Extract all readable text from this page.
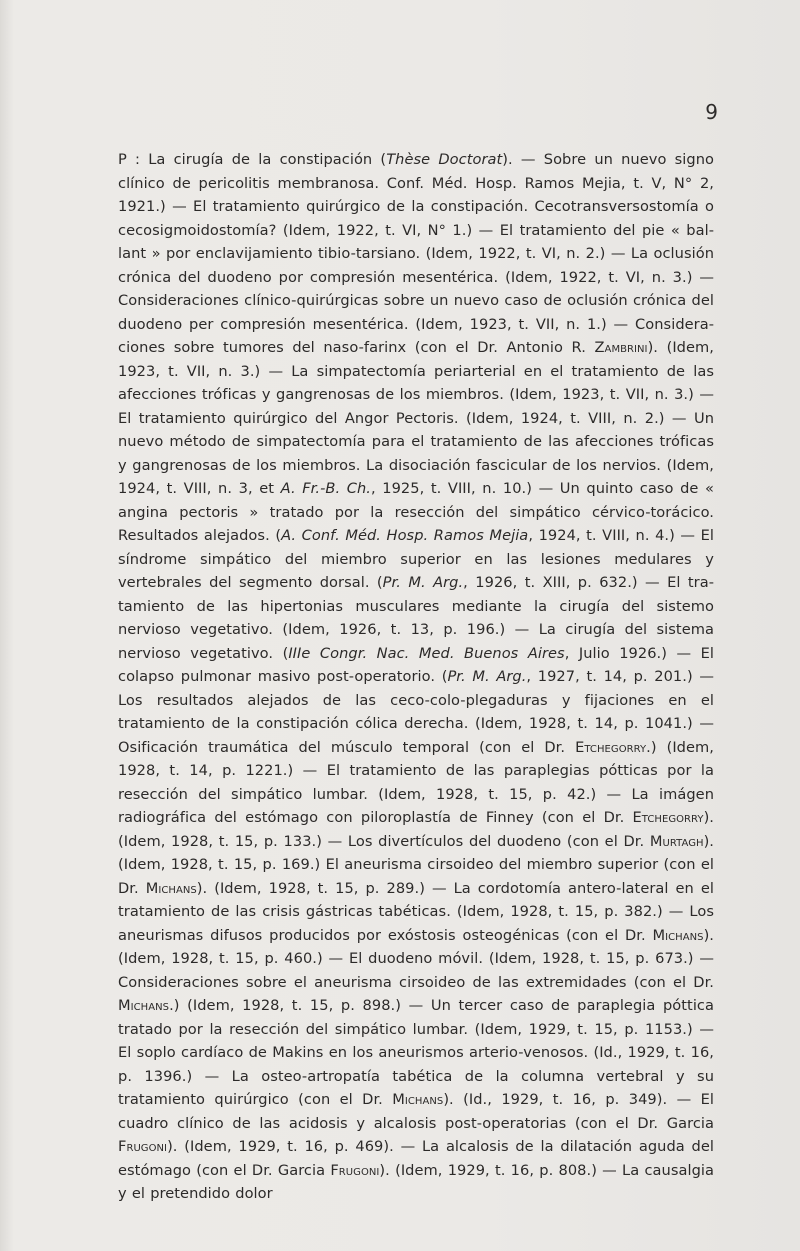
9

P : La cirugía de la constipación (Thèse Doctorat). — Sobre un nuevo signo clínico de pericolitis membranosa. Conf. Méd. Hosp. Ramos Mejia, t. V, N° 2, 1921.) — El tratamiento quirúrgico de la constipación. Cecotransversostomía o cecosigmoidostomía? (Idem, 1922, t. VI, N° 1.) — El tratamiento del pie « ballant » por enclavijamiento tibio-tarsiano. (Idem, 1922, t. VI, n. 2.) — La oclusión crónica del duodeno por compresión mesentérica. (Idem, 1922, t. VI, n. 3.) — Consideraciones clínico-quirúrgicas sobre un nuevo caso de oclusión crónica del duodeno per compresión mesentérica. (Idem, 1923, t. VII, n. 1.) — Consideraciones sobre tumores del naso-farinx (con el Dr. Antonio R. Zambrini). (Idem, 1923, t. VII, n. 3.) — La simpatectomía periarterial en el tratamiento de las afecciones tróficas y gangrenosas de los miembros. (Idem, 1923, t. VII, n. 3.) — El tratamiento quirúrgico del Angor Pectoris. (Idem, 1924, t. VIII, n. 2.) — Un nuevo método de simpatectomía para el tratamiento de las afecciones tróficas y gangrenosas de los miembros. La disociación fascicular de los nervios. (Idem, 1924, t. VIII, n. 3, et A. Fr.-B. Ch., 1925, t. VIII, n. 10.) — Un quinto caso de « angina pectoris » tratado por la resección del simpático cérvico-torácico. Resultados alejados. (A. Conf. Méd. Hosp. Ramos Mejia, 1924, t. VIII, n. 4.) — El síndrome simpático del miembro superior en las lesiones medulares y vertebrales del segmento dorsal. (Pr. M. Arg., 1926, t. XIII, p. 632.) — El tratamiento de las hipertonias musculares mediante la cirugía del sistemo nervioso vegetativo. (Idem, 1926, t. 13, p. 196.) — La cirugía del sistema nervioso vegetativo. (IIIe Congr. Nac. Med. Buenos Aires, Julio 1926.) — El colapso pulmonar masivo post-operatorio. (Pr. M. Arg., 1927, t. 14, p. 201.) — Los resultados alejados de las ceco-colo-plegaduras y fijaciones en el tratamiento de la constipación cólica derecha. (Idem, 1928, t. 14, p. 1041.) — Osificación traumática del músculo temporal (con el Dr. Etchegorry.) (Idem, 1928, t. 14, p. 1221.) — El tratamiento de las paraplegias pótticas por la resección del simpático lumbar. (Idem, 1928, t. 15, p. 42.) — La imágen radiográfica del estómago con piloroplastía de Finney (con el Dr. Etchegorry). (Idem, 1928, t. 15, p. 133.) — Los divertículos del duodeno (con el Dr. Murtagh). (Idem, 1928, t. 15, p. 169.) El aneurisma cirsoideo del miembro superior (con el Dr. Michans). (Idem, 1928, t. 15, p. 289.) — La cordotomía antero-lateral en el tratamiento de las crisis gástricas tabéticas. (Idem, 1928, t. 15, p. 382.) — Los aneurismas difusos producidos por exóstosis osteogénicas (con el Dr. Michans). (Idem, 1928, t. 15, p. 460.) — El duodeno móvil. (Idem, 1928, t. 15, p. 673.) — Consideraciones sobre el aneurisma cirsoideo de las extremidades (con el Dr. Michans.) (Idem, 1928, t. 15, p. 898.) — Un tercer caso de paraplegia póttica tratado por la resección del simpático lumbar. (Idem, 1929, t. 15, p. 1153.) — El soplo cardíaco de Makins en los aneurismos arterio-venosos. (Id., 1929, t. 16, p. 1396.) — La osteo-artropatía tabética de la columna vertebral y su tratamiento quirúrgico (con el Dr. Michans). (Id., 1929, t. 16, p. 349). — El cuadro clínico de las acidosis y alcalosis post-operatorias (con el Dr. Garcia Frugoni). (Idem, 1929, t. 16, p. 469). — La alcalosis de la dilatación aguda del estómago (con el Dr. Garcia Frugoni). (Idem, 1929, t. 16, p. 808.) — La causalgia y el pretendido dolor
